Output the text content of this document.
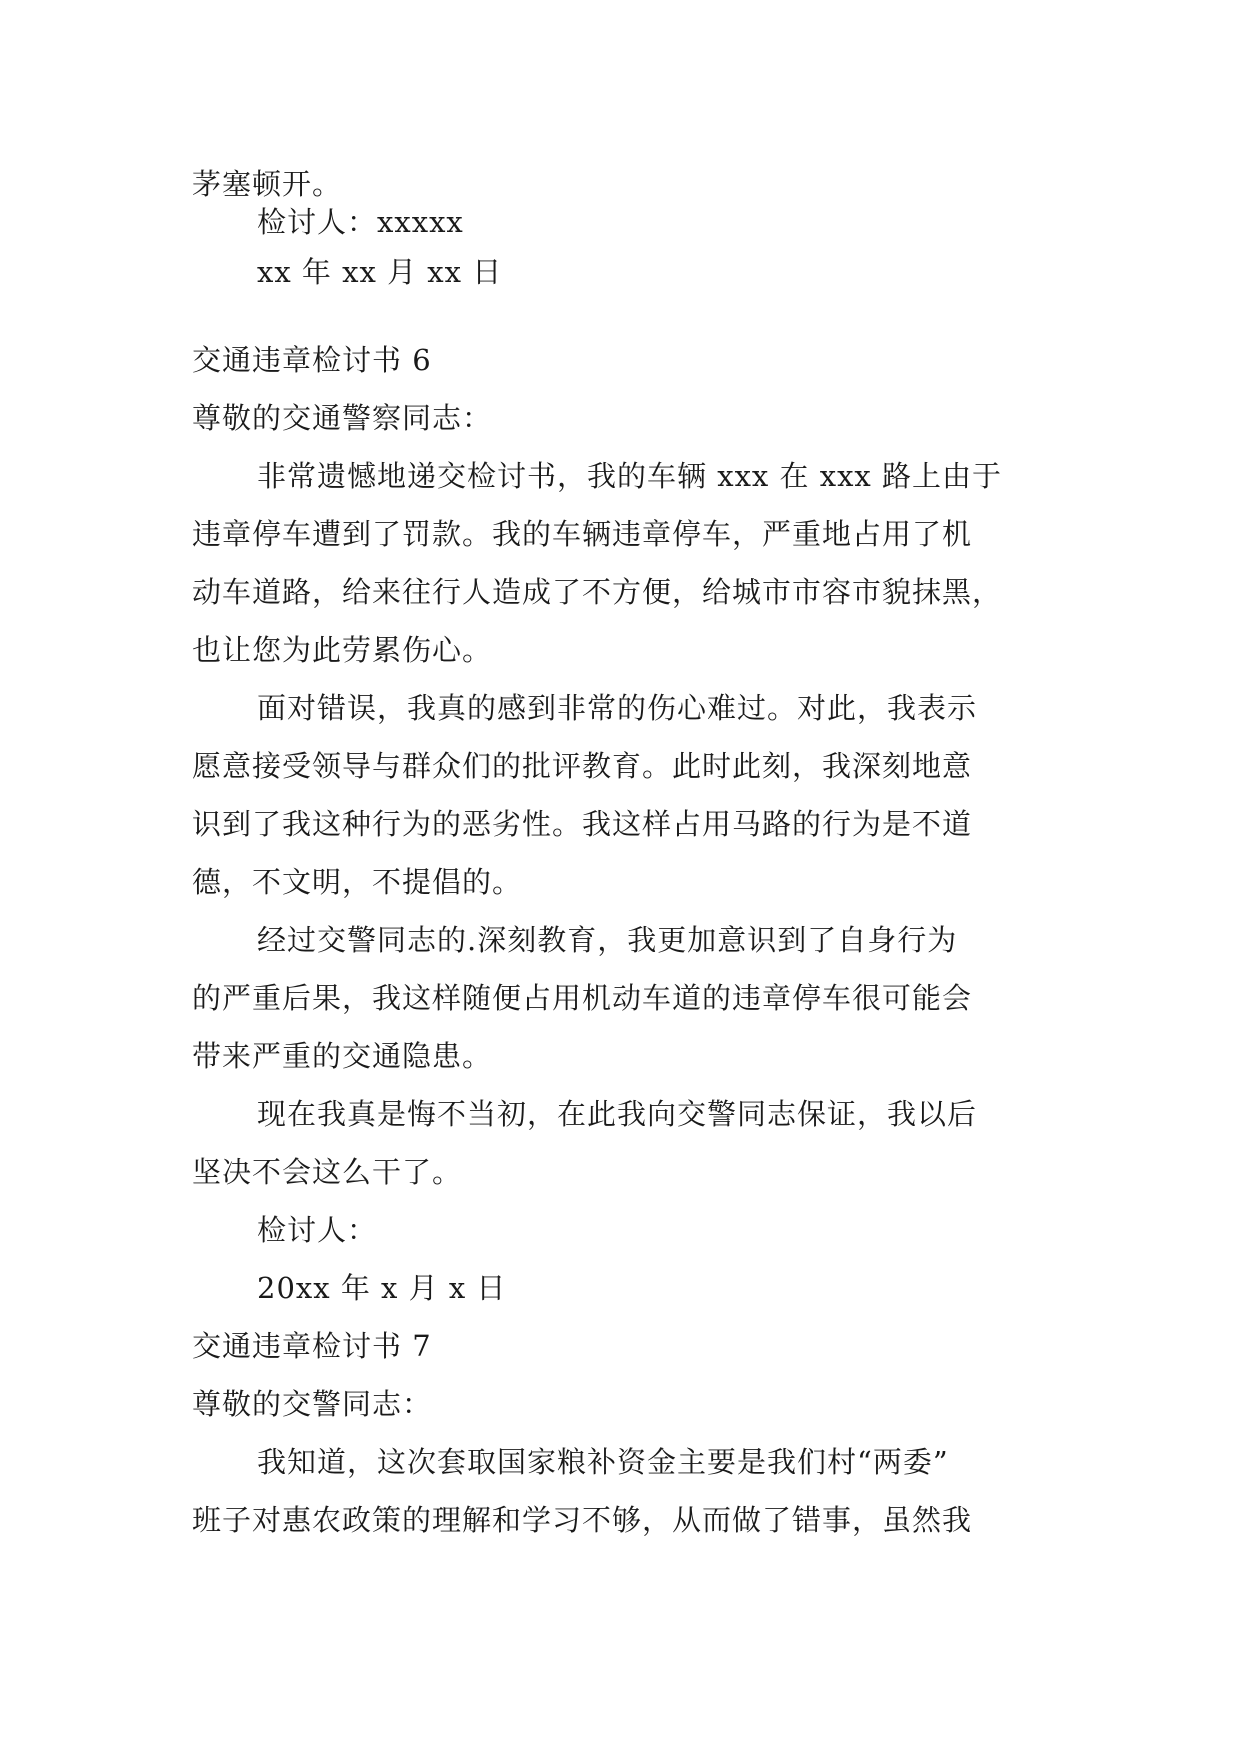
茅塞顿开。
检讨人：xxxxx
xx 年 xx 月 xx 日
交通违章检讨书 6
尊敬的交通警察同志：
非常遗憾地递交检讨书，我的车辆 xxx 在 xxx 路上由于
违章停车遭到了罚款。我的车辆违章停车，严重地占用了机
动车道路，给来往行人造成了不方便，给城市市容市貌抹黑，
也让您为此劳累伤心。
面对错误，我真的感到非常的伤心难过。对此，我表示
愿意接受领导与群众们的批评教育。此时此刻，我深刻地意
识到了我这种行为的恶劣性。我这样占用马路的行为是不道
德，不文明，不提倡的。
经过交警同志的.深刻教育，我更加意识到了自身行为
的严重后果，我这样随便占用机动车道的违章停车很可能会
带来严重的交通隐患。
现在我真是悔不当初，在此我向交警同志保证，我以后
坚决不会这么干了。
检讨人：
20xx 年 x 月 x 日
交通违章检讨书 7
尊敬的交警同志：
我知道，这次套取国家粮补资金主要是我们村“两委”
班子对惠农政策的理解和学习不够，从而做了错事，虽然我
